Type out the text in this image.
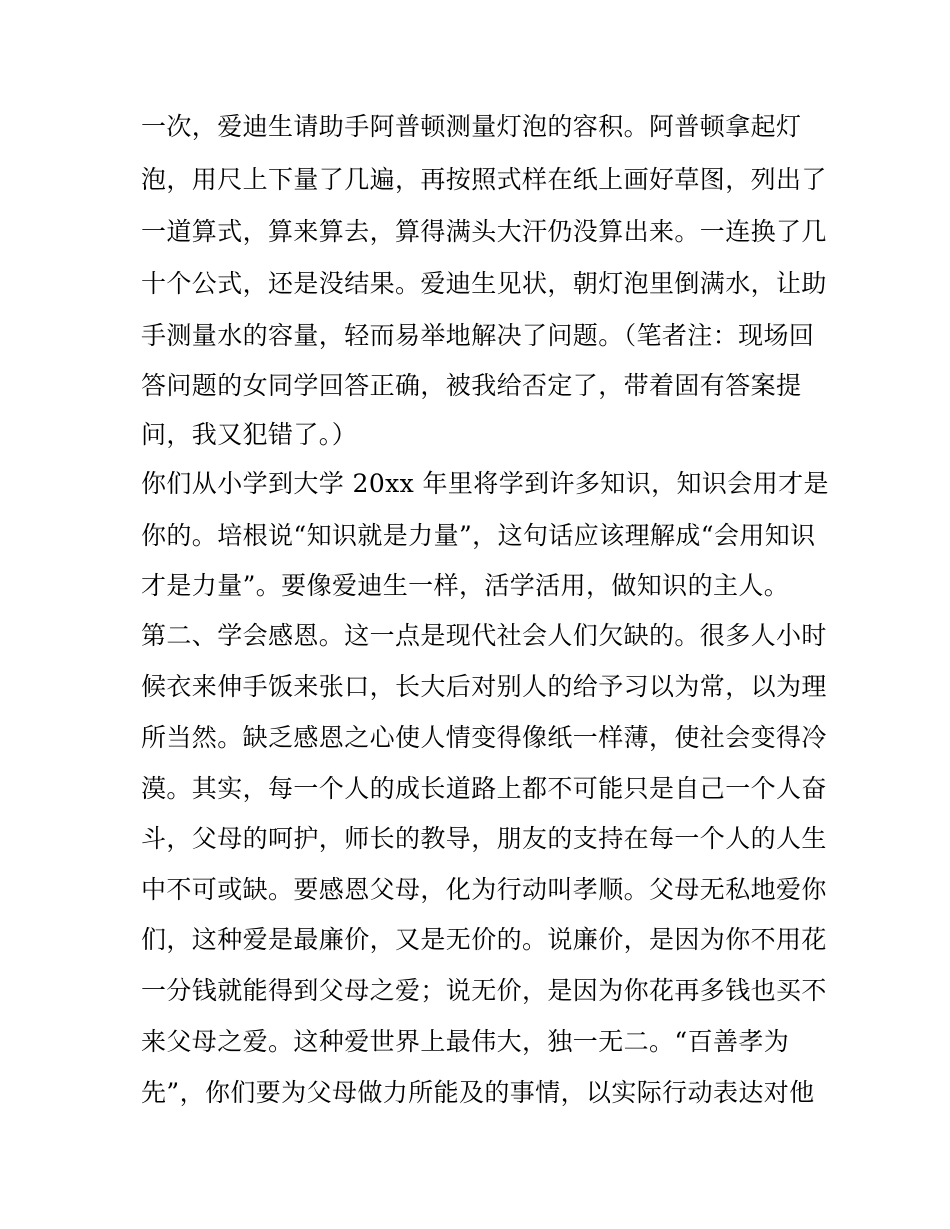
一次，爱迪生请助手阿普顿测量灯泡的容积。阿普顿拿起灯
泡，用尺上下量了几遍，再按照式样在纸上画好草图，列出了
一道算式，算来算去，算得满头大汗仍没算出来。一连换了几
十个公式，还是没结果。爱迪生见状，朝灯泡里倒满水，让助
手测量水的容量，轻而易举地解决了问题。（笔者注：现场回
答问题的女同学回答正确，被我给否定了，带着固有答案提
问，我又犯错了。）
你们从小学到大学 20xx 年里将学到许多知识，知识会用才是
你的。培根说“知识就是力量”，这句话应该理解成“会用知识
才是力量”。要像爱迪生一样，活学活用，做知识的主人。
第二、学会感恩。这一点是现代社会人们欠缺的。很多人小时
候衣来伸手饭来张口，长大后对别人的给予习以为常，以为理
所当然。缺乏感恩之心使人情变得像纸一样薄，使社会变得冷
漠。其实，每一个人的成长道路上都不可能只是自己一个人奋
斗，父母的呵护，师长的教导，朋友的支持在每一个人的人生
中不可或缺。要感恩父母，化为行动叫孝顺。父母无私地爱你
们，这种爱是最廉价，又是无价的。说廉价，是因为你不用花
一分钱就能得到父母之爱；说无价，是因为你花再多钱也买不
来父母之爱。这种爱世界上最伟大，独一无二。“百善孝为
先”，你们要为父母做力所能及的事情，以实际行动表达对他
